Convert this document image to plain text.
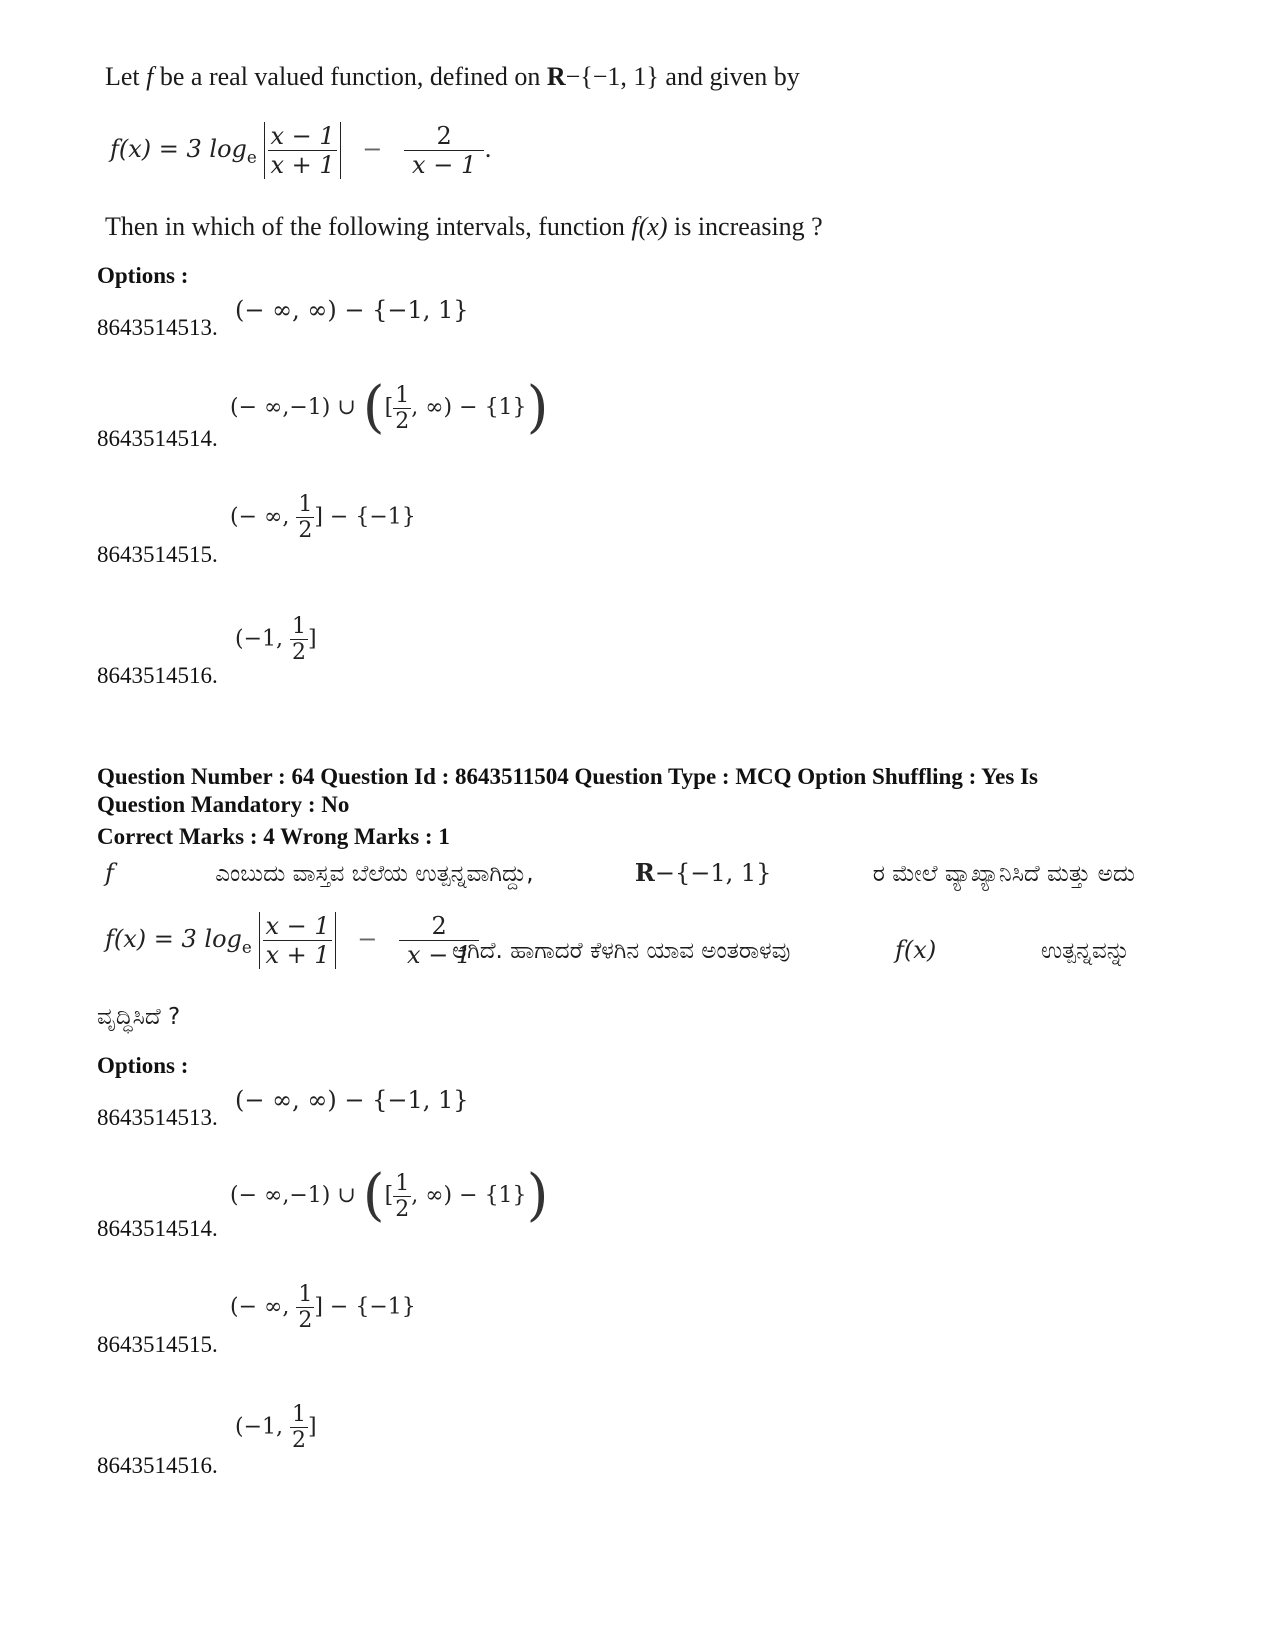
Let f be a real valued function, defined on R−{−1, 1} and given by
f(x) = 3 $\log_e \frac{x - 1}{x + 1} - \frac{2}{x - 1}$ .
Then in which of the following intervals, function f(x) is increasing ?
Options :
(− ∞, ∞) − {−1, 1}
8643514513.
(− ∞,−1) ∪ ([ $\frac{1}{2}$ , ∞) − {1})
8643514514.
(− ∞, $\frac{1}{2}$ ] − {−1}
8643514515.
(−1, $\frac{1}{2}$ ]
8643514516.
Question Number : 64 Question Id : 8643511504 Question Type : MCQ Option Shuffling : Yes Is
Question Mandatory : No
Correct Marks : 4 Wrong Marks : 1
f	ಎಂಬುದು ವಾಸ್ತವ ಬೆಲೆಯ ಉತ್ಪನ್ನವಾಗಿದ್ದು,	R−{−1, 1}	ರ ಮೇಲೆ ವ್ಯಾಖ್ಯಾನಿಸಿದೆ ಮತ್ತು ಅದು
f(x) = 3 $\log_e \frac{x - 1}{x + 1} - \frac{2}{x - 1}$
ಆಗಿದೆ. ಹಾಗಾದರೆ ಕೆಳಗಿನ ಯಾವ ಅಂತರಾಳವು	f(x)	ಉತ್ಪನ್ನವನ್ನು
ವೃದ್ಧಿಸಿದೆ ?
Options :
(− ∞, ∞) − {−1, 1}
8643514513.
(− ∞,−1) ∪ ([ $\frac{1}{2}$ , ∞) − {1})
8643514514.
(− ∞, $\frac{1}{2}$ ] − {−1}
8643514515.
(−1, $\frac{1}{2}$ ]
8643514516.
